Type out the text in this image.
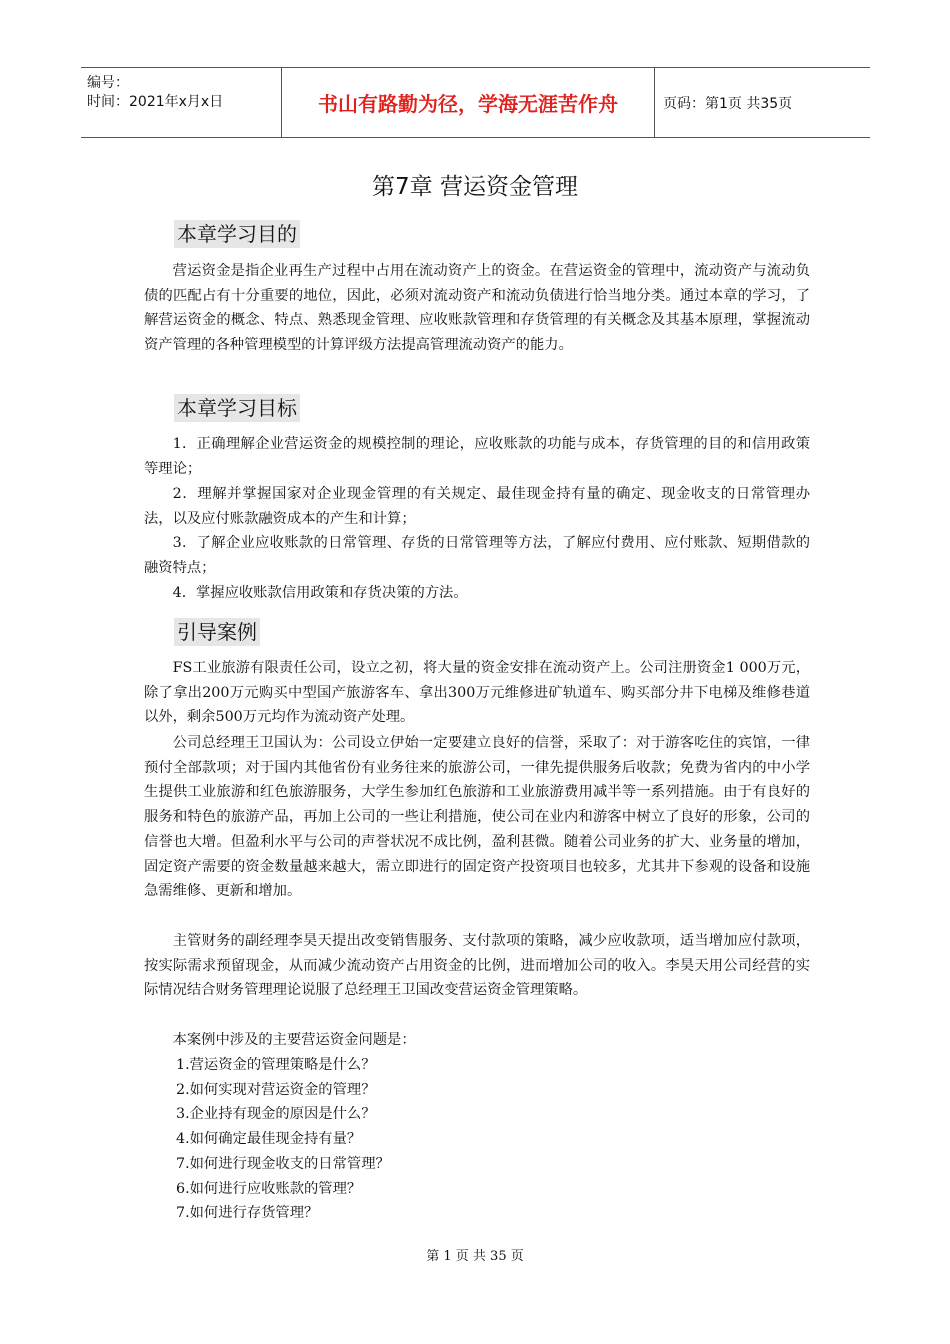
编号：
时间：2021年x月x日	书山有路勤为径，学海无涯苦作舟	页码：第1页 共35页
第7章 营运资金管理
本章学习目的

营运资金是指企业再生产过程中占用在流动资产上的资金。在营运资金的管理中，流动资产与流动负债的匹配占有十分重要的地位，因此，必须对流动资产和流动负债进行恰当地分类。通过本章的学习，了解营运资金的概念、特点、熟悉现金管理、应收账款管理和存货管理的有关概念及其基本原理，掌握流动资产管理的各种管理模型的计算评级方法提高管理流动资产的能力。

本章学习目标

1．正确理解企业营运资金的规模控制的理论，应收账款的功能与成本，存货管理的目的和信用政策等理论；

2．理解并掌握国家对企业现金管理的有关规定、最佳现金持有量的确定、现金收支的日常管理办法，以及应付账款融资成本的产生和计算；

3．了解企业应收账款的日常管理、存货的日常管理等方法，了解应付费用、应付账款、短期借款的融资特点；

4．掌握应收账款信用政策和存货决策的方法。

引导案例

FS工业旅游有限责任公司，设立之初，将大量的资金安排在流动资产上。公司注册资金1 000万元，除了拿出200万元购买中型国产旅游客车、拿出300万元维修进矿轨道车、购买部分井下电梯及维修巷道以外，剩余500万元均作为流动资产处理。

公司总经理王卫国认为：公司设立伊始一定要建立良好的信誉，采取了：对于游客吃住的宾馆，一律预付全部款项；对于国内其他省份有业务往来的旅游公司，一律先提供服务后收款；免费为省内的中小学生提供工业旅游和红色旅游服务，大学生参加红色旅游和工业旅游费用减半等一系列措施。由于有良好的服务和特色的旅游产品，再加上公司的一些让利措施，使公司在业内和游客中树立了良好的形象，公司的信誉也大增。但盈利水平与公司的声誉状况不成比例，盈利甚微。随着公司业务的扩大、业务量的增加，固定资产需要的资金数量越来越大，需立即进行的固定资产投资项目也较多，尤其井下参观的设备和设施急需维修、更新和增加。

主管财务的副经理李昊天提出改变销售服务、支付款项的策略，减少应收款项，适当增加应付款项，按实际需求预留现金，从而减少流动资产占用资金的比例，进而增加公司的收入。李昊天用公司经营的实际情况结合财务管理理论说服了总经理王卫国改变营运资金管理策略。

本案例中涉及的主要营运资金问题是：

1.营运资金的管理策略是什么？

2.如何实现对营运资金的管理？

3.企业持有现金的原因是什么？

4.如何确定最佳现金持有量？

7.如何进行现金收支的日常管理？

6.如何进行应收账款的管理？

7.如何进行存货管理？

第 1 页 共 35 页
